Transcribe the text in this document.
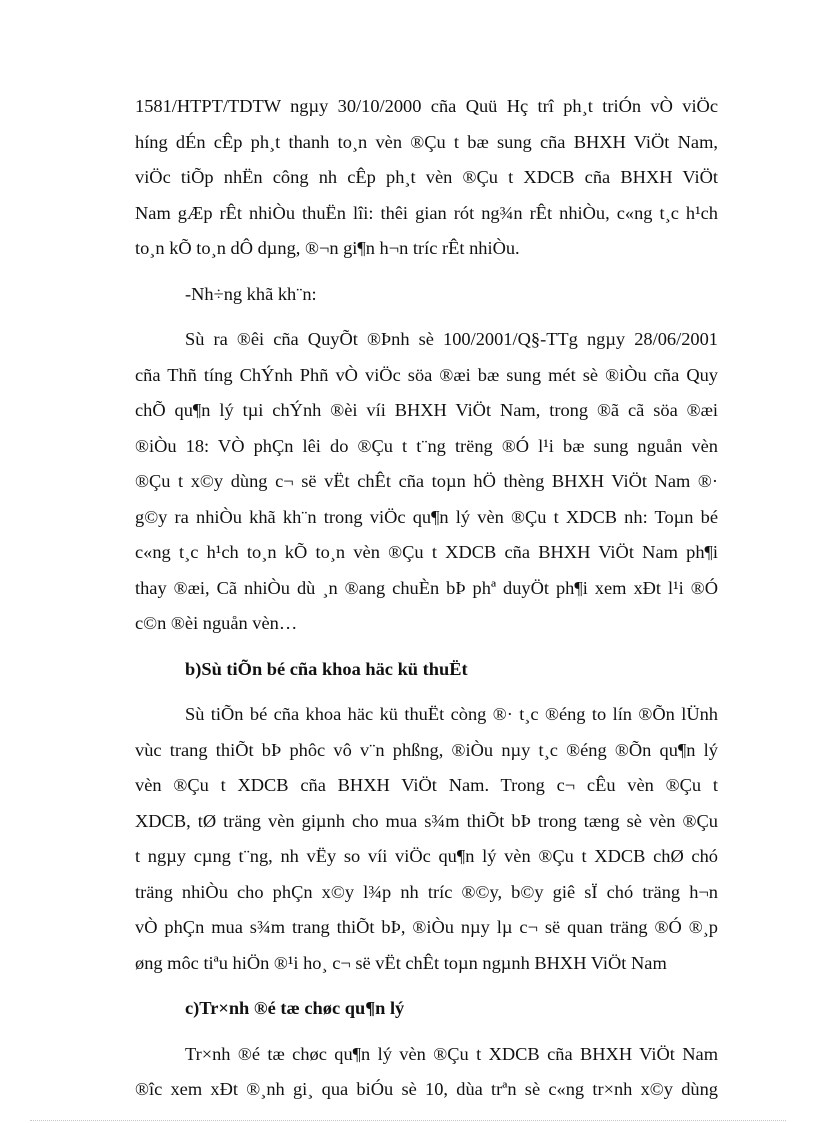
1581/HTPT/TDTW ngµy 30/10/2000 cña Quü Hç trî ph¸t triÓn vÒ viÖc
híng dÉn cÊp ph¸t thanh to¸n vèn ®Çu t bæ sung cña BHXH ViÖt Nam,
viÖc tiÕp nhËn công nh cÊp ph¸t vèn ®Çu t XDCB cña BHXH ViÖt
Nam gÆp rÊt nhiÒu thuËn lîi: thêi gian rót ng¾n rÊt nhiÒu, c«ng t¸c h¹ch
to¸n kÕ to¸n dÔ dµng, ®¬n gi¶n h¬n tríc rÊt nhiÒu.
-Nh÷ng khã kh¨n:
Sù ra ®êi cña QuyÕt ®Þnh sè 100/2001/Q§-TTg ngµy 28/06/2001
cña Thñ tíng ChÝnh Phñ vÒ viÖc söa ®æi bæ sung mét sè ®iÒu cña Quy
chÕ qu¶n lý tµi chÝnh ®èi víi BHXH ViÖt Nam, trong ®ã cã söa ®æi
®iÒu 18: VÒ phÇn lêi do ®Çu t t¨ng trëng ®Ó l¹i bæ sung nguån vèn
®Çu t x©y dùng c¬ së vËt chÊt cña toµn hÖ thèng BHXH ViÖt Nam ®·
g©y ra nhiÒu khã kh¨n trong viÖc qu¶n lý vèn ®Çu t XDCB nh: Toµn bé
c«ng t¸c h¹ch to¸n kÕ to¸n vèn ®Çu t XDCB cña BHXH ViÖt Nam ph¶i
thay ®æi, Cã nhiÒu dù ¸n ®ang chuÈn bÞ phª duyÖt ph¶i xem xÐt l¹i ®Ó
c©n ®èi nguån vèn…
b)Sù tiÕn bé cña khoa häc kü thuËt
Sù tiÕn bé cña khoa häc kü thuËt còng ®· t¸c ®éng to lín ®Õn lÜnh
vùc trang thiÕt bÞ phôc vô v¨n phßng, ®iÒu nµy t¸c ®éng ®Õn qu¶n lý
vèn ®Çu t XDCB cña BHXH ViÖt Nam. Trong c¬ cÊu vèn ®Çu t
XDCB, tØ träng vèn giµnh cho mua s¾m thiÕt bÞ trong tæng sè vèn ®Çu
t ngµy cµng t¨ng, nh vËy so víi viÖc qu¶n lý vèn ®Çu t XDCB chØ chó
träng nhiÒu cho phÇn x©y l¾p nh tríc ®©y, b©y giê sÏ chó träng h¬n
vÒ phÇn mua s¾m trang thiÕt bÞ, ®iÒu nµy lµ c¬ së quan träng ®Ó ®¸p
øng môc tiªu hiÖn ®¹i ho¸ c¬ së vËt chÊt toµn ngµnh BHXH ViÖt Nam
c)Tr×nh ®é tæ chøc qu¶n lý
Tr×nh ®é tæ chøc qu¶n lý vèn ®Çu t XDCB cña BHXH ViÖt Nam
®îc xem xÐt ®¸nh gi¸ qua biÓu sè 10, dùa trªn sè c«ng tr×nh x©y dùng
